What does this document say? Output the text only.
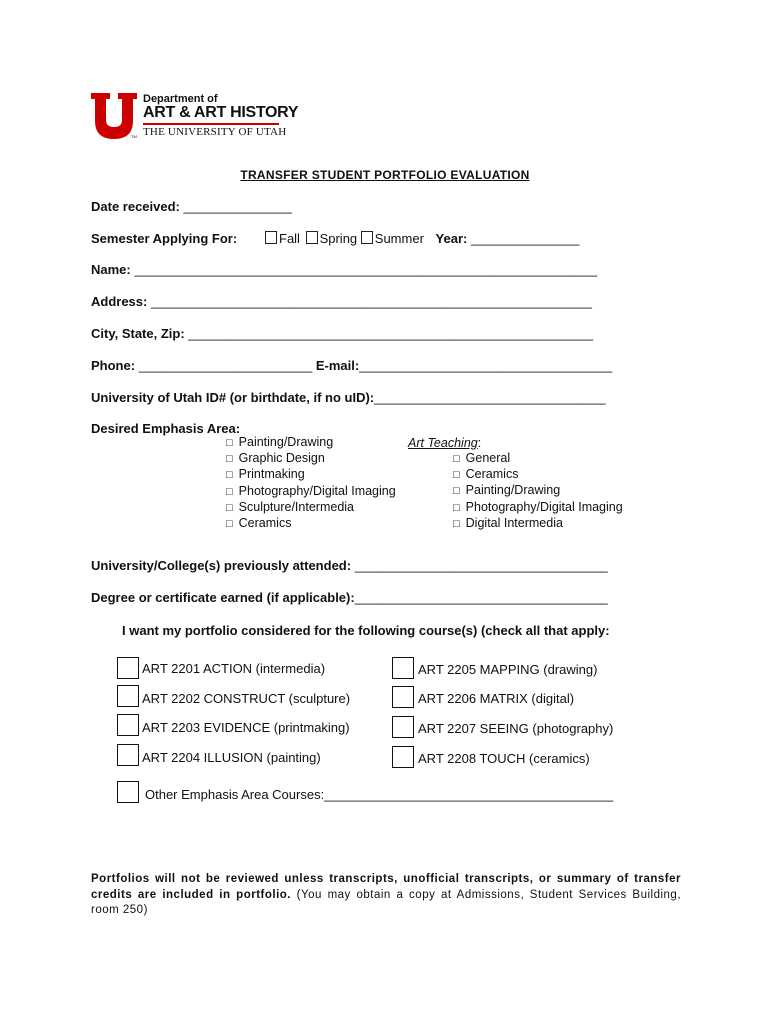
TM
Department of
ART & ART HISTORY
THE UNIVERSITY OF UTAH
TRANSFER STUDENT PORTFOLIO EVALUATION
Date received: _______________
Semester Applying For:	Fall Spring Summer Year: _______________
Name: ________________________________________________________________
Address: _____________________________________________________________
City, State, Zip: ________________________________________________________
Phone: ________________________ E-mail:___________________________________
University of Utah ID# (or birthdate, if no uID):________________________________
Desired Emphasis Area:
□ Painting/Drawing
□ Graphic Design
□ Printmaking
□ Photography/Digital Imaging
□ Sculpture/Intermedia
□ Ceramics
Art Teaching:
□ General
□ Ceramics
□ Painting/Drawing
□ Photography/Digital Imaging
□ Digital Intermedia
University/College(s) previously attended: ___________________________________
Degree or certificate earned (if applicable):___________________________________
I want my portfolio considered for the following course(s) (check all that apply:
ART 2201 ACTION (intermedia)
ART 2202 CONSTRUCT (sculpture)
ART 2203 EVIDENCE (printmaking)
ART 2204 ILLUSION (painting)
ART 2205 MAPPING (drawing)
ART 2206 MATRIX (digital)
ART 2207 SEEING (photography)
ART 2208 TOUCH (ceramics)
Other Emphasis Area Courses:________________________________________
Portfolios will not be reviewed unless transcripts, unofficial transcripts, or summary of transfer credits are included in portfolio. (You may obtain a copy at Admissions, Student Services Building, room 250)
